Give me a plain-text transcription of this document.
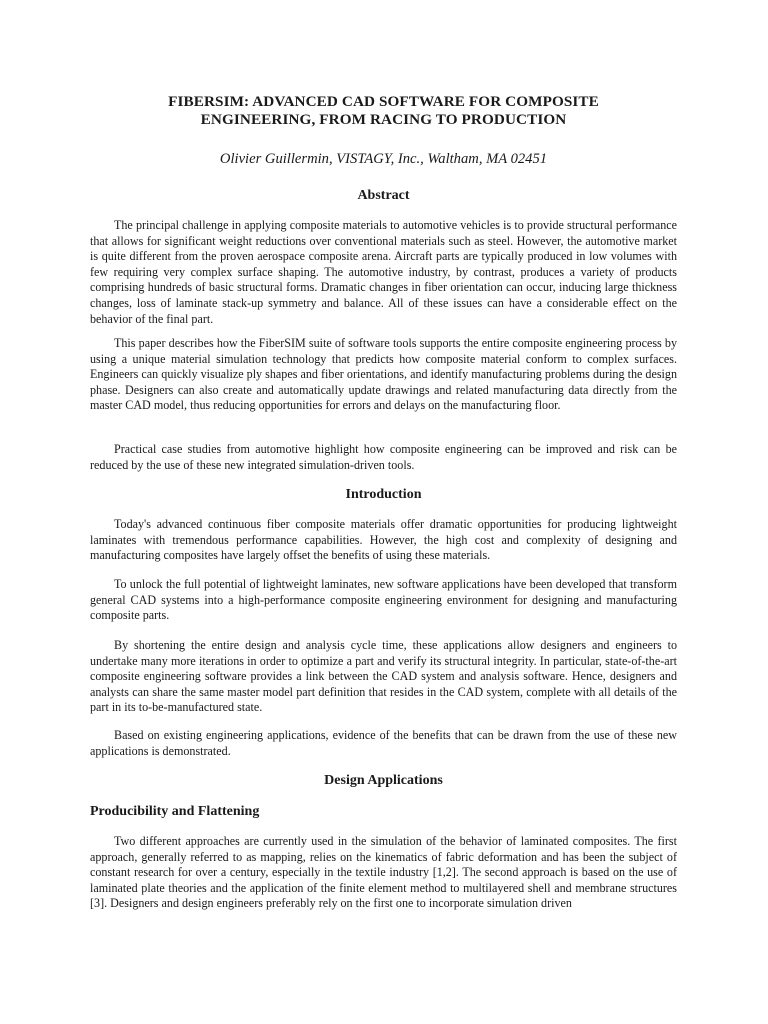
FIBERSIM: ADVANCED CAD SOFTWARE FOR COMPOSITE
ENGINEERING, FROM RACING TO PRODUCTION
Olivier Guillermin, VISTAGY, Inc., Waltham, MA 02451
Abstract

The principal challenge in applying composite materials to automotive vehicles is to provide structural performance that allows for significant weight reductions over conventional materials such as steel. However, the automotive market is quite different from the proven aerospace composite arena. Aircraft parts are typically produced in low volumes with few requiring very complex surface shaping. The automotive industry, by contrast, produces a variety of products comprising hundreds of basic structural forms. Dramatic changes in fiber orientation can occur, inducing large thickness changes, loss of laminate stack-up symmetry and balance. All of these issues can have a considerable effect on the behavior of the final part.

This paper describes how the FiberSIM suite of software tools supports the entire composite engineering process by using a unique material simulation technology that predicts how composite material conform to complex surfaces. Engineers can quickly visualize ply shapes and fiber orientations, and identify manufacturing problems during the design phase. Designers can also create and automatically update drawings and related manufacturing data directly from the master CAD model, thus reducing opportunities for errors and delays on the manufacturing floor.

Practical case studies from automotive highlight how composite engineering can be improved and risk can be reduced by the use of these new integrated simulation-driven tools.

Introduction

Today's advanced continuous fiber composite materials offer dramatic opportunities for producing lightweight laminates with tremendous performance capabilities. However, the high cost and complexity of designing and manufacturing composites have largely offset the benefits of using these materials.

To unlock the full potential of lightweight laminates, new software applications have been developed that transform general CAD systems into a high-performance composite engineering environment for designing and manufacturing composite parts.

By shortening the entire design and analysis cycle time, these applications allow designers and engineers to undertake many more iterations in order to optimize a part and verify its structural integrity. In particular, state-of-the-art composite engineering software provides a link between the CAD system and analysis software. Hence, designers and analysts can share the same master model part definition that resides in the CAD system, complete with all details of the part in its to-be-manufactured state.

Based on existing engineering applications, evidence of the benefits that can be drawn from the use of these new applications is demonstrated.

Design Applications
Producibility and Flattening

Two different approaches are currently used in the simulation of the behavior of laminated composites. The first approach, generally referred to as mapping, relies on the kinematics of fabric deformation and has been the subject of constant research for over a century, especially in the textile industry [1,2]. The second approach is based on the use of laminated plate theories and the application of the finite element method to multilayered shell and membrane structures [3]. Designers and design engineers preferably rely on the first one to incorporate simulation driven
